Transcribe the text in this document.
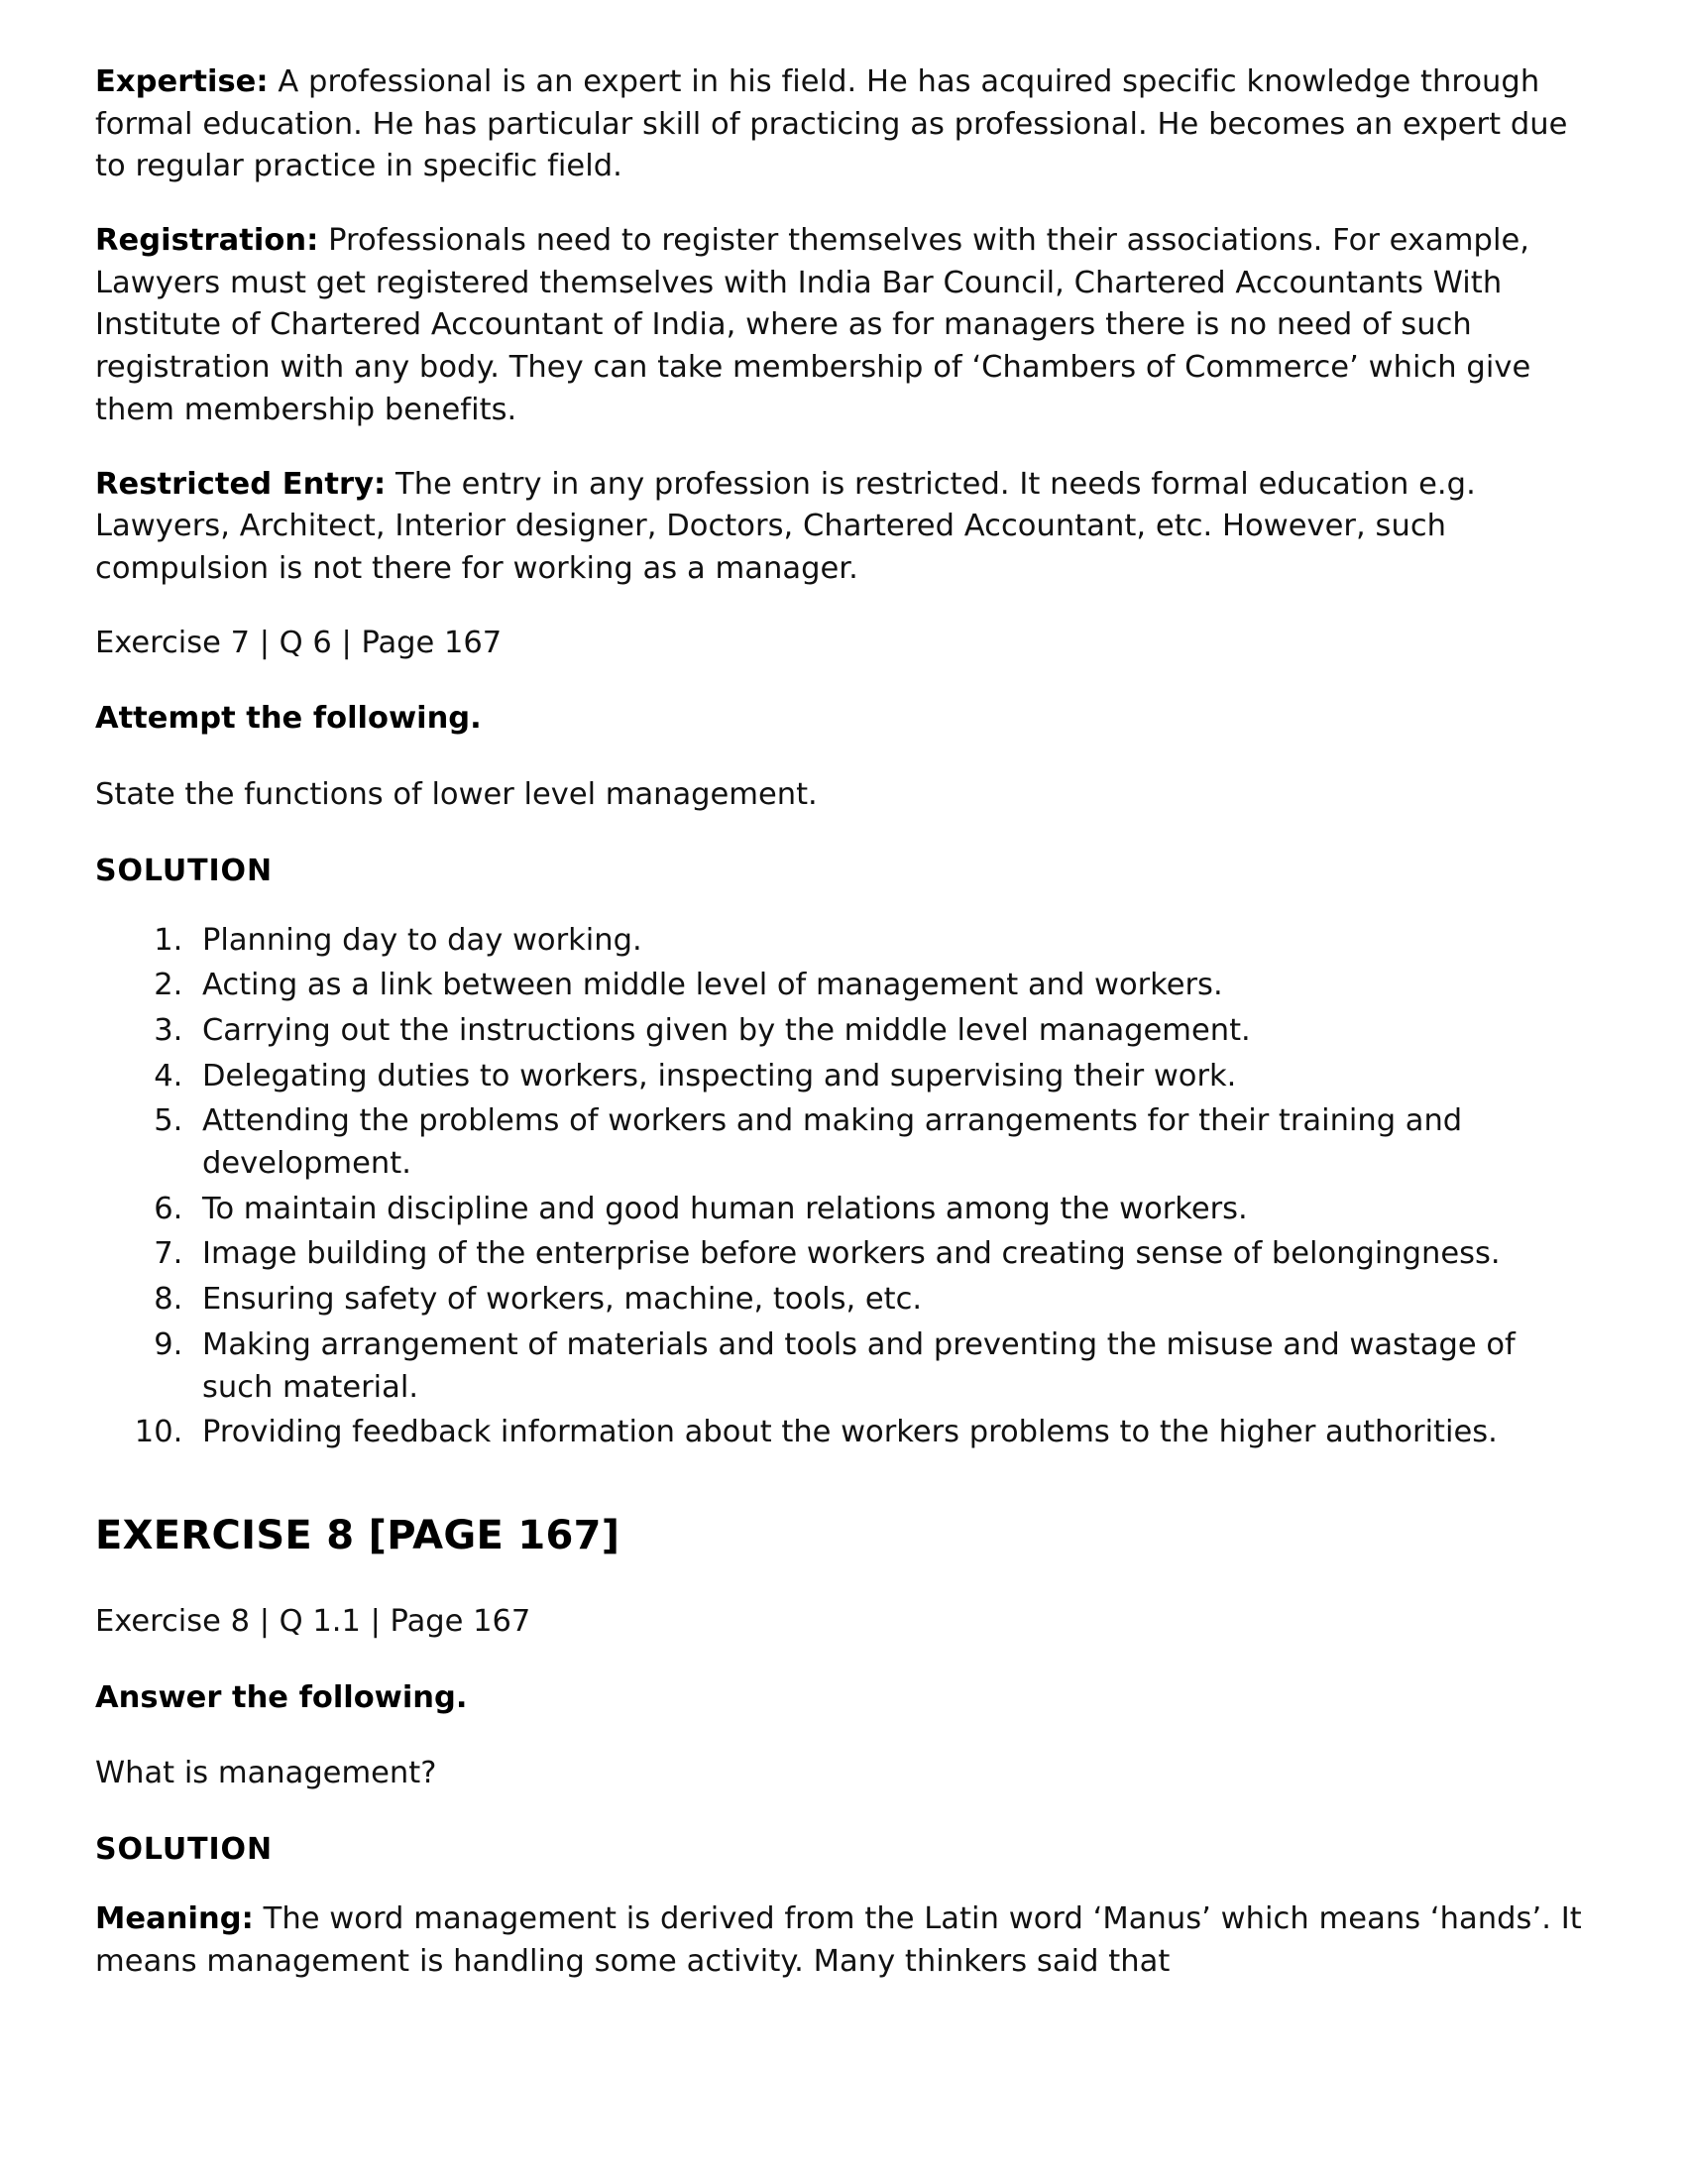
Expertise: A professional is an expert in his field. He has acquired specific knowledge through formal education. He has particular skill of practicing as professional. He becomes an expert due to regular practice in specific field.

Registration: Professionals need to register themselves with their associations. For example, Lawyers must get registered themselves with India Bar Council, Chartered Accountants With Institute of Chartered Accountant of India, where as for managers there is no need of such registration with any body. They can take membership of ‘Chambers of Commerce’ which give them membership benefits.

Restricted Entry: The entry in any profession is restricted. It needs formal education e.g. Lawyers, Architect, Interior designer, Doctors, Chartered Accountant, etc. However, such compulsion is not there for working as a manager.

Exercise 7 | Q 6 | Page 167

Attempt the following.

State the functions of lower level management.

SOLUTION

1. Planning day to day working.
2. Acting as a link between middle level of management and workers.
3. Carrying out the instructions given by the middle level management.
4. Delegating duties to workers, inspecting and supervising their work.
5. Attending the problems of workers and making arrangements for their training and development.
6. To maintain discipline and good human relations among the workers.
7. Image building of the enterprise before workers and creating sense of belongingness.
8. Ensuring safety of workers, machine, tools, etc.
9. Making arrangement of materials and tools and preventing the misuse and wastage of such material.
10. Providing feedback information about the workers problems to the higher authorities.
EXERCISE 8 [PAGE 167]

Exercise 8 | Q 1.1 | Page 167

Answer the following.

What is management?

SOLUTION

Meaning: The word management is derived from the Latin word ‘Manus’ which means ‘hands’. It means management is handling some activity. Many thinkers said that
